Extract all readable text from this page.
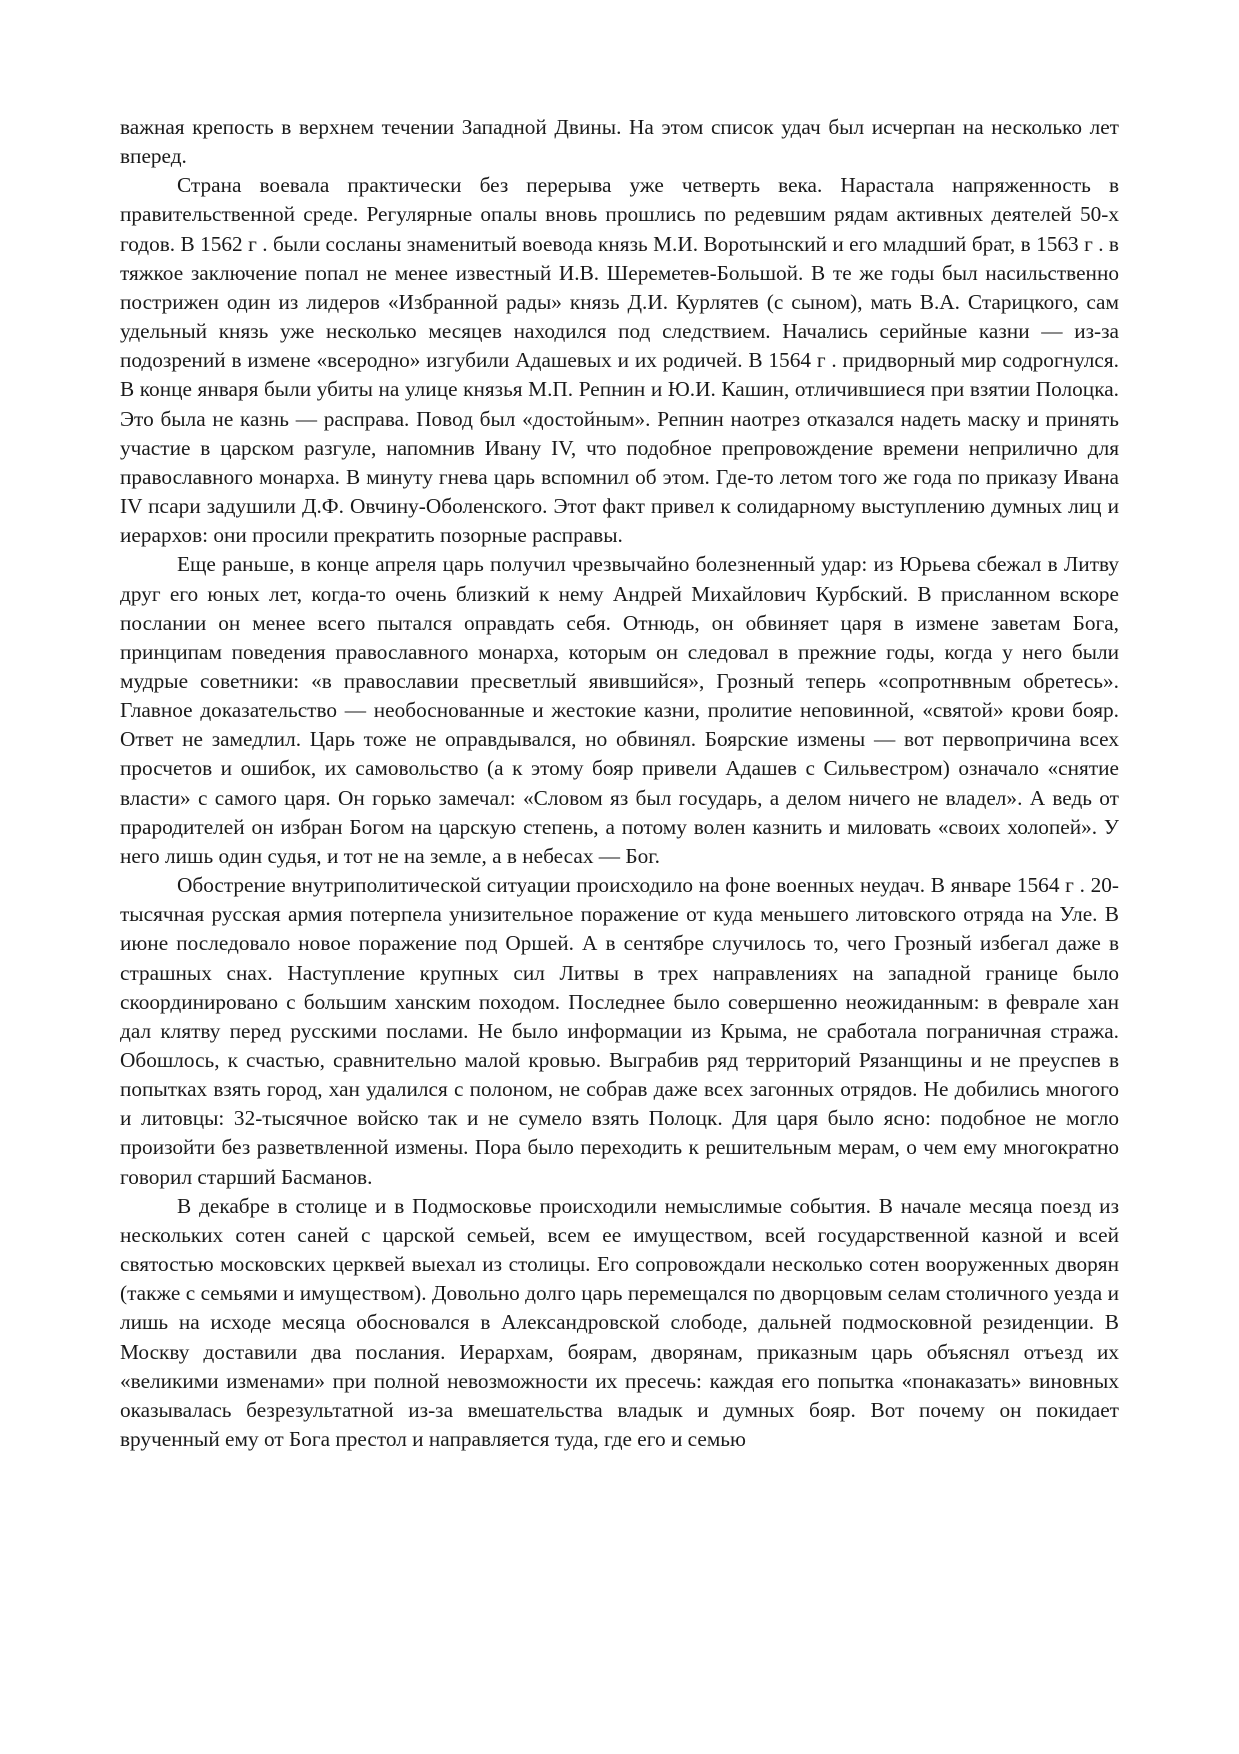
важная крепость в верхнем течении Западной Двины. На этом список удач был исчерпан на несколько лет вперед.

Страна воевала практически без перерыва уже четверть века. Нарастала напряженность в правительственной среде. Регулярные опалы вновь прошлись по редевшим рядам активных деятелей 50-х годов. В 1562 г . были сосланы знаменитый воевода князь М.И. Воротынский и его младший брат, в 1563 г . в тяжкое заключение попал не менее известный И.В. Шереметев-Большой. В те же годы был насильственно пострижен один из лидеров «Избранной рады» князь Д.И. Курлятев (с сыном), мать В.А. Старицкого, сам удельный князь уже несколько месяцев находился под следствием. Начались серийные казни — из-за подозрений в измене «всеродно» изгубили Адашевых и их родичей. В 1564 г . придворный мир содрогнулся. В конце января были убиты на улице князья М.П. Репнин и Ю.И. Кашин, отличившиеся при взятии Полоцка. Это была не казнь — расправа. Повод был «достойным». Репнин наотрез отказался надеть маску и принять участие в царском разгуле, напомнив Ивану IV, что подобное препровождение времени неприлично для православного монарха. В минуту гнева царь вспомнил об этом. Где-то летом того же года по приказу Ивана IV псари задушили Д.Ф. Овчину-Оболенского. Этот факт привел к солидарному выступлению думных лиц и иерархов: они просили прекратить позорные расправы.

Еще раньше, в конце апреля царь получил чрезвычайно болезненный удар: из Юрьева сбежал в Литву друг его юных лет, когда-то очень близкий к нему Андрей Михайлович Курбский. В присланном вскоре послании он менее всего пытался оправдать себя. Отнюдь, он обвиняет царя в измене заветам Бога, принципам поведения православного монарха, которым он следовал в прежние годы, когда у него были мудрые советники: «в православии пресветлый явившийся», Грозный теперь «сопротнвным обретесь». Главное доказательство — необоснованные и жестокие казни, пролитие неповинной, «святой» крови бояр. Ответ не замедлил. Царь тоже не оправдывался, но обвинял. Боярские измены — вот первопричина всех просчетов и ошибок, их самовольство (а к этому бояр привели Адашев с Сильвестром) означало «снятие власти» с самого царя. Он горько замечал: «Словом яз был государь, а делом ничего не владел». А ведь от прародителей он избран Богом на царскую степень, а потому волен казнить и миловать «своих холопей». У него лишь один судья, и тот не на земле, а в небесах — Бог.

Обострение внутриполитической ситуации происходило на фоне военных неудач. В январе 1564 г . 20-тысячная русская армия потерпела унизительное поражение от куда меньшего литовского отряда на Уле. В июне последовало новое поражение под Оршей. А в сентябре случилось то, чего Грозный избегал даже в страшных снах. Наступление крупных сил Литвы в трех направлениях на западной границе было скоординировано с большим ханским походом. Последнее было совершенно неожиданным: в феврале хан дал клятву перед русскими послами. Не было информации из Крыма, не сработала пограничная стража. Обошлось, к счастью, сравнительно малой кровью. Выграбив ряд территорий Рязанщины и не преуспев в попытках взять город, хан удалился с полоном, не собрав даже всех загонных отрядов. Не добились многого и литовцы: 32-тысячное войско так и не сумело взять Полоцк. Для царя было ясно: подобное не могло произойти без разветвленной измены. Пора было переходить к решительным мерам, о чем ему многократно говорил старший Басманов.

В декабре в столице и в Подмосковье происходили немыслимые события. В начале месяца поезд из нескольких сотен саней с царской семьей, всем ее имуществом, всей государственной казной и всей святостью московских церквей выехал из столицы. Его сопровождали несколько сотен вооруженных дворян (также с семьями и имуществом). Довольно долго царь перемещался по дворцовым селам столичного уезда и лишь на исходе месяца обосновался в Александровской слободе, дальней подмосковной резиденции. В Москву доставили два послания. Иерархам, боярам, дворянам, приказным царь объяснял отъезд их «великими изменами» при полной невозможности их пресечь: каждая его попытка «понаказать» виновных оказывалась безрезультатной из-за вмешательства владык и думных бояр. Вот почему он покидает врученный ему от Бога престол и направляется туда, где его и семью
